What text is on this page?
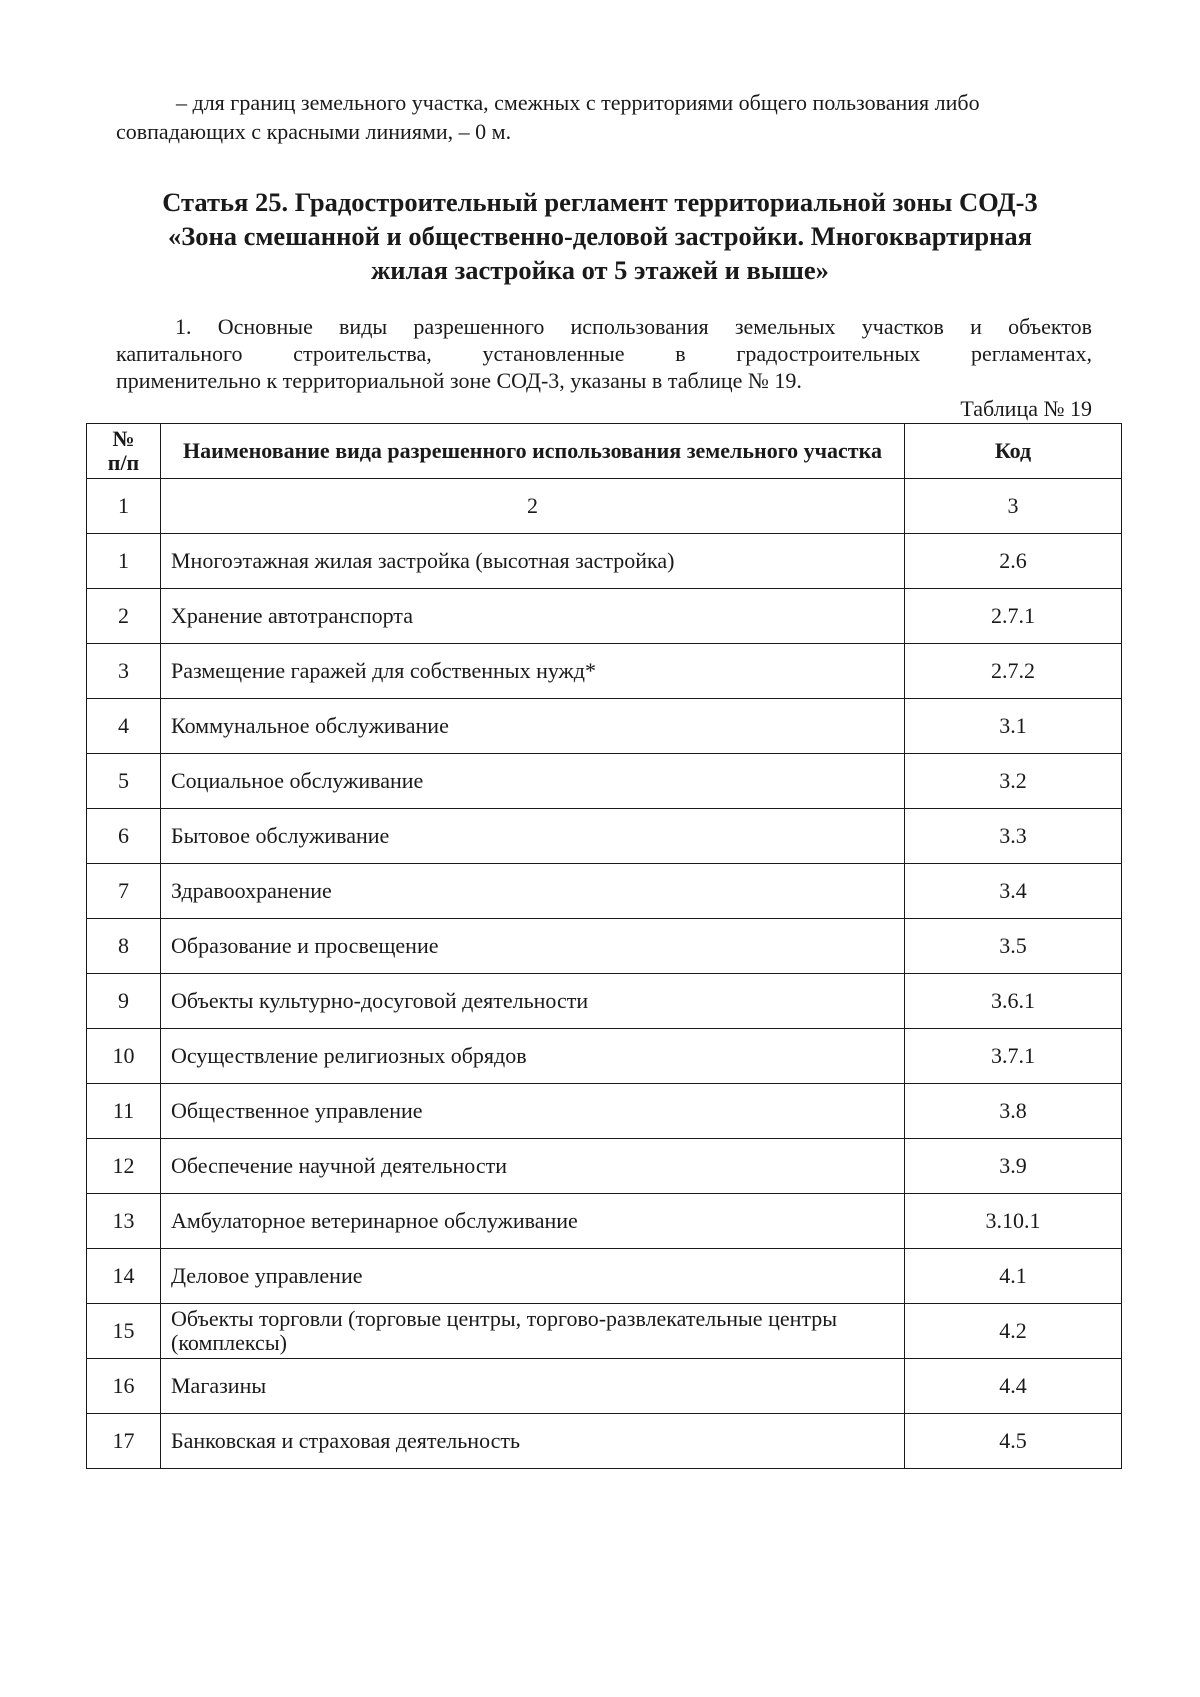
– для границ земельного участка, смежных с территориями общего пользования либо
совпадающих с красными линиями, – 0 м.
Статья 25. Градостроительный регламент территориальной зоны СОД-3
«Зона смешанной и общественно-деловой застройки. Многоквартирная
жилая застройка от 5 этажей и выше»
1. Основные виды разрешенного использования земельных участков и объектов
капитального строительства, установленные в градостроительных регламентах,
применительно к территориальной зоне СОД-3, указаны в таблице № 19.
Таблица № 19
№
п/п	Наименование вида разрешенного использования земельного участка	Код
1	2	3
1	Многоэтажная жилая застройка (высотная застройка)	2.6
2	Хранение автотранспорта	2.7.1
3	Размещение гаражей для собственных нужд*	2.7.2
4	Коммунальное обслуживание	3.1
5	Социальное обслуживание	3.2
6	Бытовое обслуживание	3.3
7	Здравоохранение	3.4
8	Образование и просвещение	3.5
9	Объекты культурно-досуговой деятельности	3.6.1
10	Осуществление религиозных обрядов	3.7.1
11	Общественное управление	3.8
12	Обеспечение научной деятельности	3.9
13	Амбулаторное ветеринарное обслуживание	3.10.1
14	Деловое управление	4.1
15	Объекты торговли (торговые центры, торгово-развлекательные центры (комплексы)	4.2
16	Магазины	4.4
17	Банковская и страховая деятельность	4.5
